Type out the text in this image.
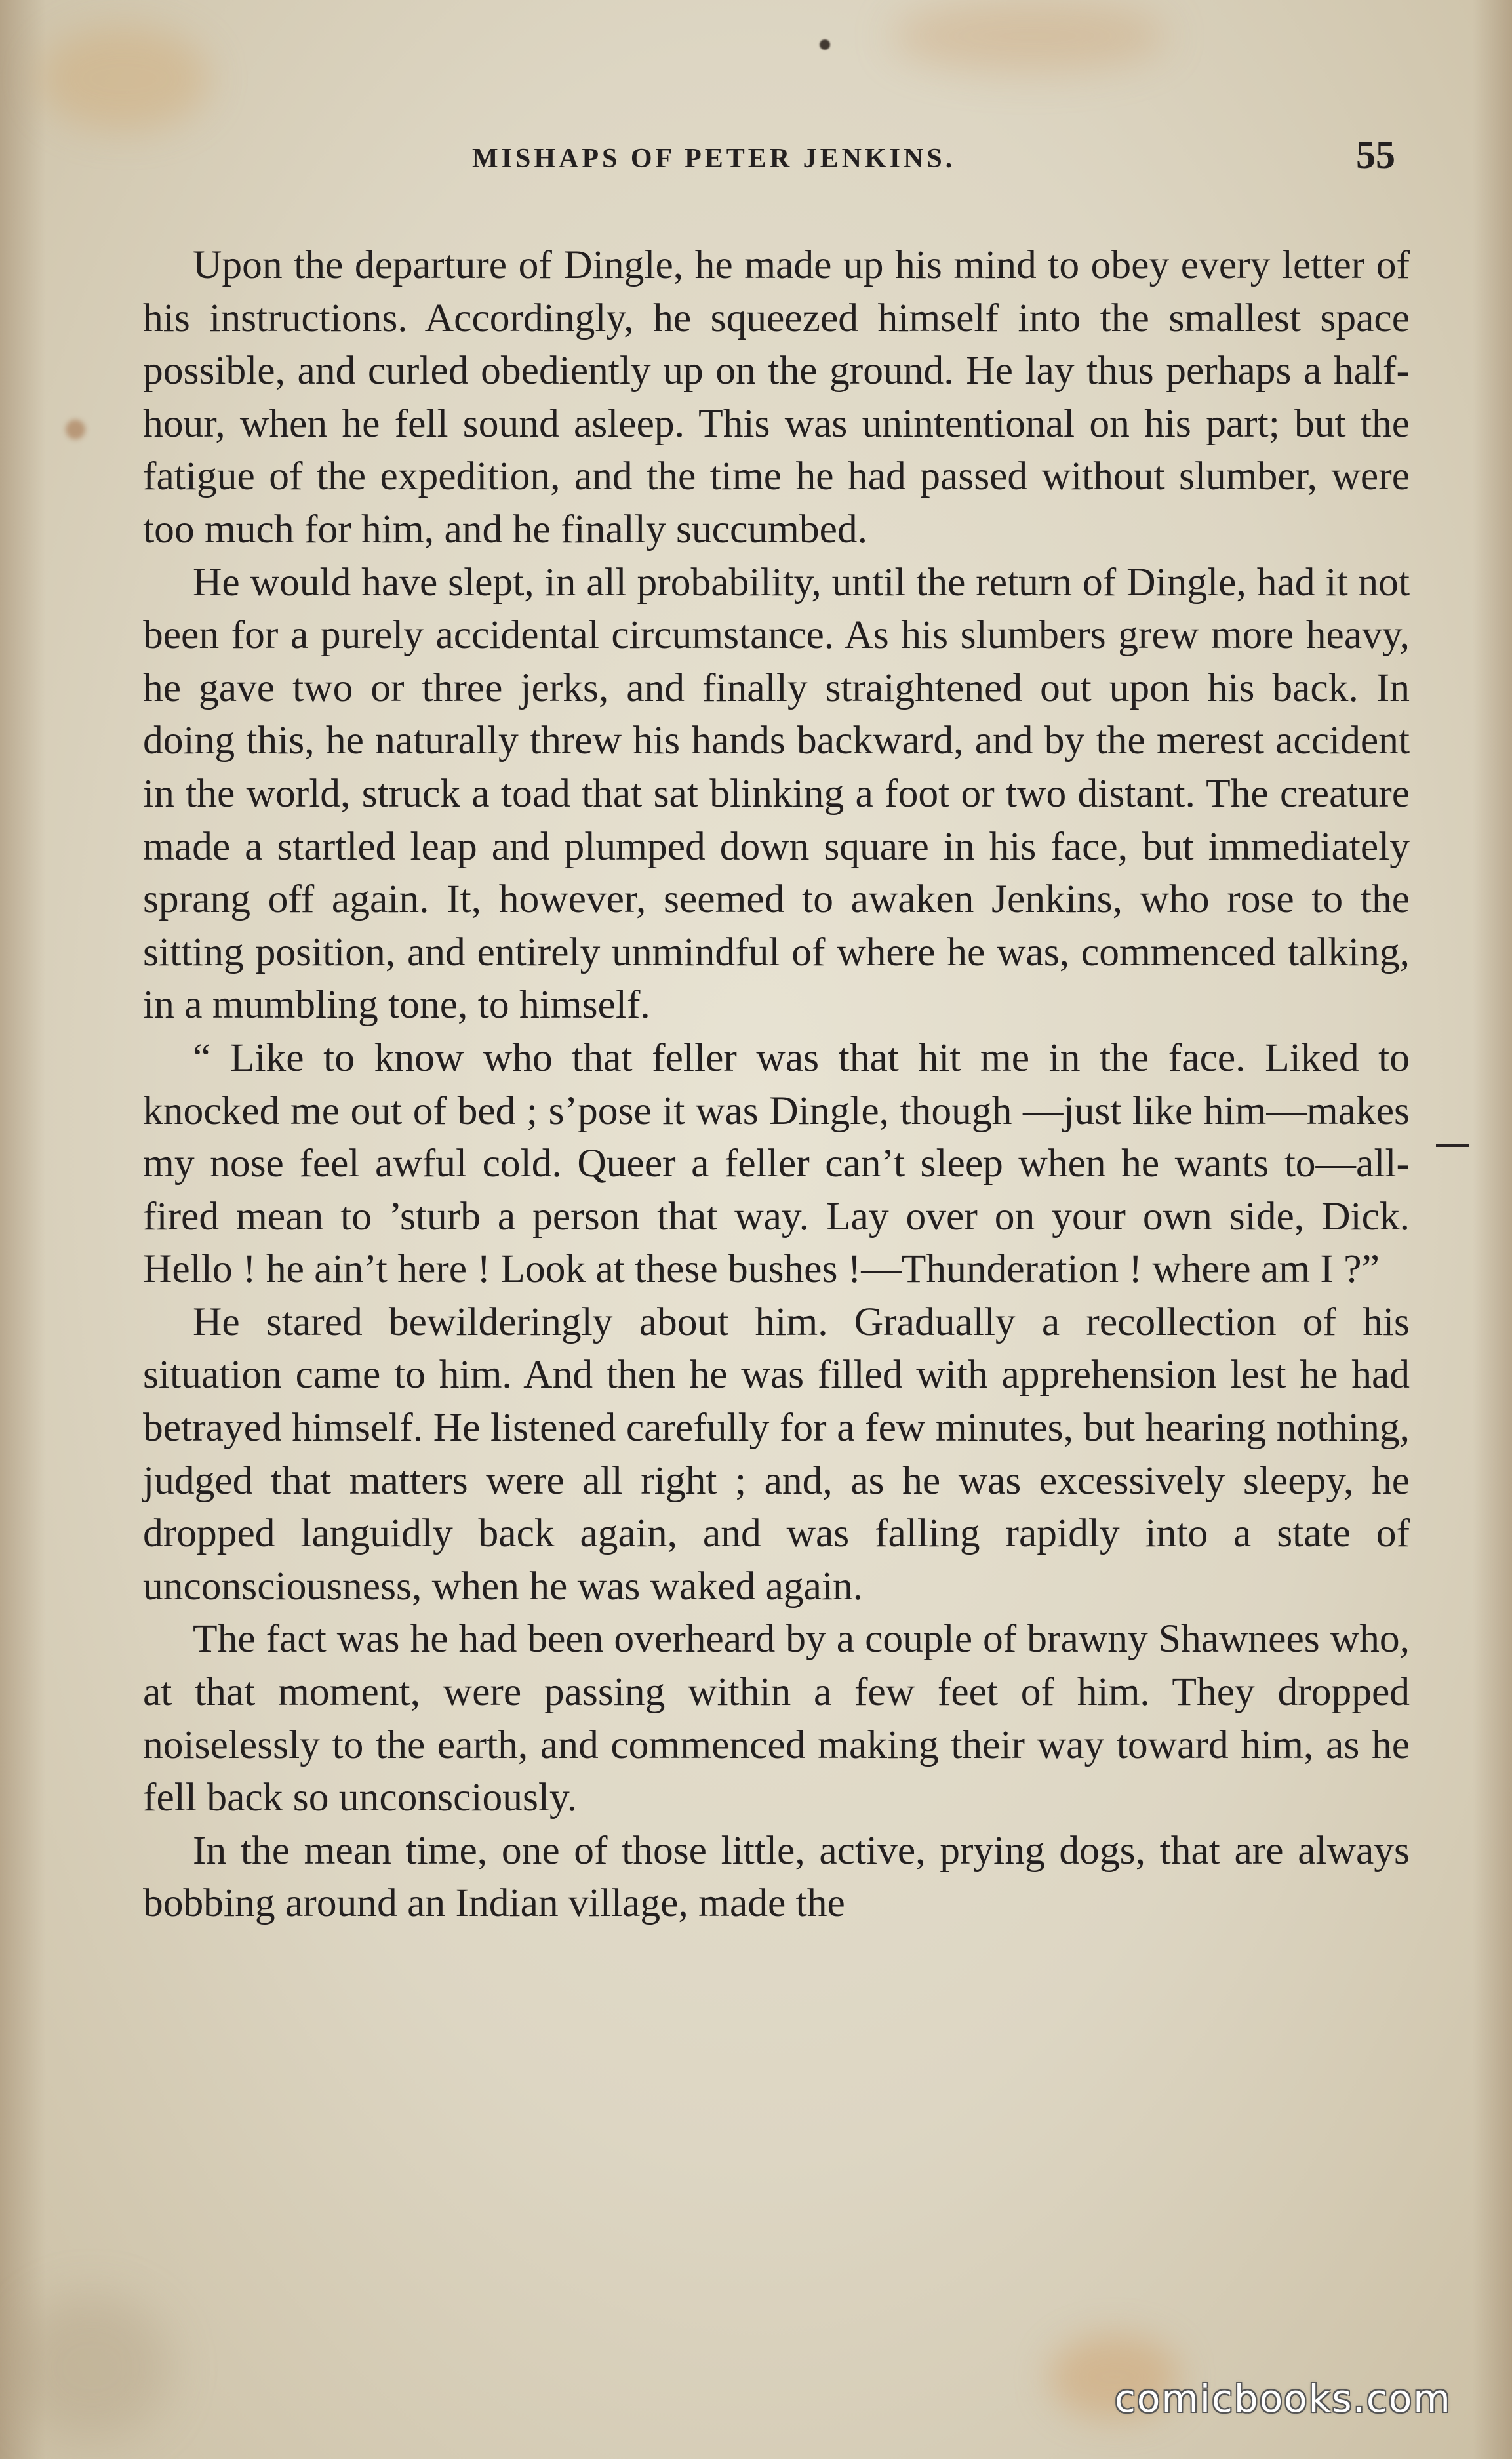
MISHAPS OF PETER JENKINS.	55

Upon the departure of Dingle, he made up his mind to obey every letter of his instructions. Accordingly, he squeezed himself into the smallest space possible, and curled obediently up on the ground. He lay thus perhaps a half-hour, when he fell sound asleep. This was unintentional on his part; but the fatigue of the expedition, and the time he had passed without slumber, were too much for him, and he finally succumbed.

He would have slept, in all probability, until the return of Dingle, had it not been for a purely accidental circumstance. As his slumbers grew more heavy, he gave two or three jerks, and finally straightened out upon his back. In doing this, he naturally threw his hands backward, and by the merest accident in the world, struck a toad that sat blinking a foot or two distant. The creature made a startled leap and plumped down square in his face, but immediately sprang off again. It, however, seemed to awaken Jenkins, who rose to the sitting position, and entirely unmindful of where he was, commenced talking, in a mumbling tone, to himself.

“ Like to know who that feller was that hit me in the face. Liked to knocked me out of bed ; s’pose it was Dingle, though —just like him—makes my nose feel awful cold. Queer a feller can’t sleep when he wants to—all-fired mean to ’sturb a person that way. Lay over on your own side, Dick. Hello ! he ain’t here ! Look at these bushes !—Thunderation ! where am I ?”

He stared bewilderingly about him. Gradually a recollection of his situation came to him. And then he was filled with apprehension lest he had betrayed himself. He listened carefully for a few minutes, but hearing nothing, judged that matters were all right ; and, as he was excessively sleepy, he dropped languidly back again, and was falling rapidly into a state of unconsciousness, when he was waked again.

The fact was he had been overheard by a couple of brawny Shawnees who, at that moment, were passing within a few feet of him. They dropped noiselessly to the earth, and commenced making their way toward him, as he fell back so unconsciously.

In the mean time, one of those little, active, prying dogs, that are always bobbing around an Indian village, made the

comicbooks.com
